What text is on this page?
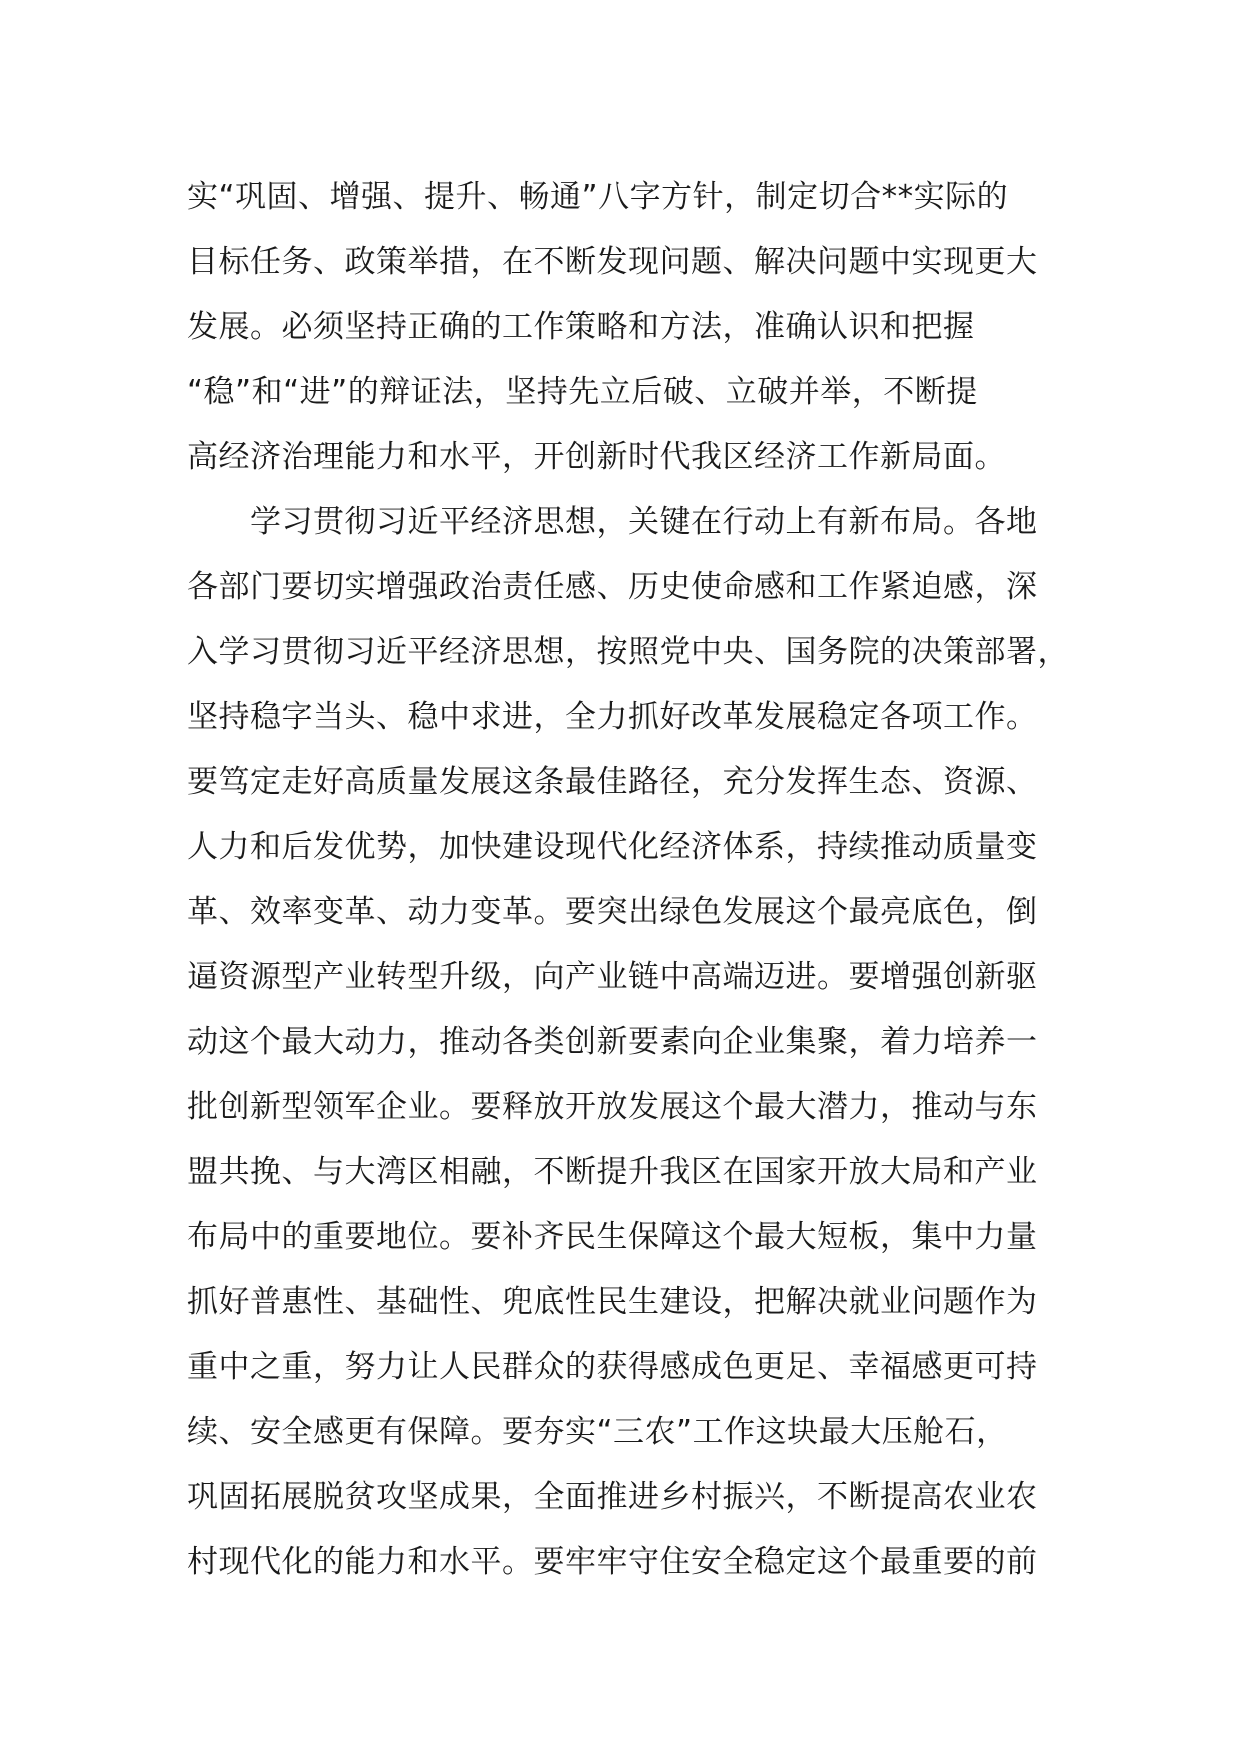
实“巩固、增强、提升、畅通”八字方针，制定切合**实际的
目标任务、政策举措，在不断发现问题、解决问题中实现更大
发展。必须坚持正确的工作策略和方法，准确认识和把握
“稳”和“进”的辩证法，坚持先立后破、立破并举，不断提
高经济治理能力和水平，开创新时代我区经济工作新局面。
　　学习贯彻习近平经济思想，关键在行动上有新布局。各地
各部门要切实增强政治责任感、历史使命感和工作紧迫感，深
入学习贯彻习近平经济思想，按照党中央、国务院的决策部署，
坚持稳字当头、稳中求进，全力抓好改革发展稳定各项工作。
要笃定走好高质量发展这条最佳路径，充分发挥生态、资源、
人力和后发优势，加快建设现代化经济体系，持续推动质量变
革、效率变革、动力变革。要突出绿色发展这个最亮底色，倒
逼资源型产业转型升级，向产业链中高端迈进。要增强创新驱
动这个最大动力，推动各类创新要素向企业集聚，着力培养一
批创新型领军企业。要释放开放发展这个最大潜力，推动与东
盟共挽、与大湾区相融，不断提升我区在国家开放大局和产业
布局中的重要地位。要补齐民生保障这个最大短板，集中力量
抓好普惠性、基础性、兜底性民生建设，把解决就业问题作为
重中之重，努力让人民群众的获得感成色更足、幸福感更可持
续、安全感更有保障。要夯实“三农”工作这块最大压舱石，
巩固拓展脱贫攻坚成果，全面推进乡村振兴，不断提高农业农
村现代化的能力和水平。要牢牢守住安全稳定这个最重要的前
